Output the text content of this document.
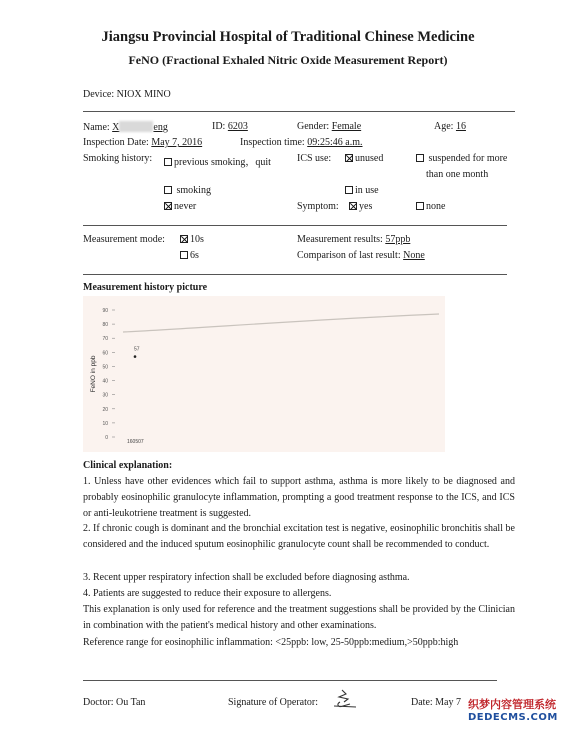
Jiangsu Provincial Hospital of Traditional Chinese Medicine
FeNO (Fractional Exhaled Nitric Oxide Measurement Report)
Device: NIOX MINO
Name: X	eng	ID: 6203	Gender: Female	Age: 16
Inspection Date: May 7, 2016	Inspection time: 09:25:46 a.m.
Smoking history:	previous smoking，quit	ICS use:	unused	suspended for more
than one month
smoking	in use
never	Symptom:	yes	none
Measurement mode:	10s
6s
Measurement results: 57ppb
Comparison of last result: None
Measurement history picture
90
80
70
60
50
40
30
20
10
0
FeNO in ppb
57
160507
Clinical explanation:
1. Unless have other evidences which fail to support asthma, asthma is more likely to be diagnosed and probably eosinophilic granulocyte inflammation, prompting a good treatment response to the ICS, and ICS or anti-leukotriene treatment is suggested.
2. If chronic cough is dominant and the bronchial excitation test is negative, eosinophilic bronchitis shall be considered and the induced sputum eosinophilic granulocyte count shall be recommended to conduct.
3. Recent upper respiratory infection shall be excluded before diagnosing asthma.
4. Patients are suggested to reduce their exposure to allergens.
This explanation is only used for reference and the treatment suggestions shall be provided by the Clinician in combination with the patient's medical history and other examinations.
Reference range for eosinophilic inflammation: <25ppb: low, 25-50ppb:medium,>50ppb:high
Doctor: Ou Tan	Signature of Operator:	Date: May 7 织梦内容管理系统
DEDECMS.COM
